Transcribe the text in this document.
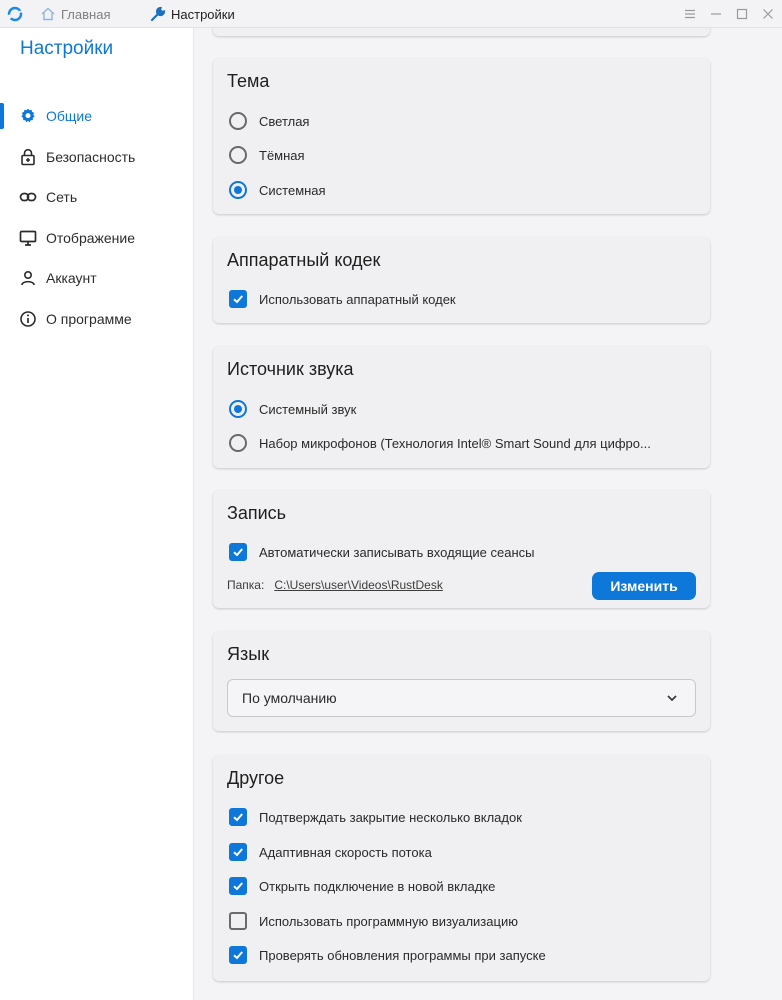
Главная	Настройки
Настройки
Общие
Безопасность
Сеть
Отображение
Аккаунт
О программе
Тема
Светлая
Тёмная
Системная
Аппаратный кодек
Использовать аппаратный кодек
Источник звука
Системный звук
Набор микрофонов (Технология Intel® Smart Sound для цифро...
Запись
Автоматически записывать входящие сеансы
Папка: C:\Users\user\Videos\RustDesk	Изменить
Язык
По умолчанию
Другое
Подтверждать закрытие несколько вкладок
Адаптивная скорость потока
Открыть подключение в новой вкладке
Использовать программную визуализацию
Проверять обновления программы при запуске
